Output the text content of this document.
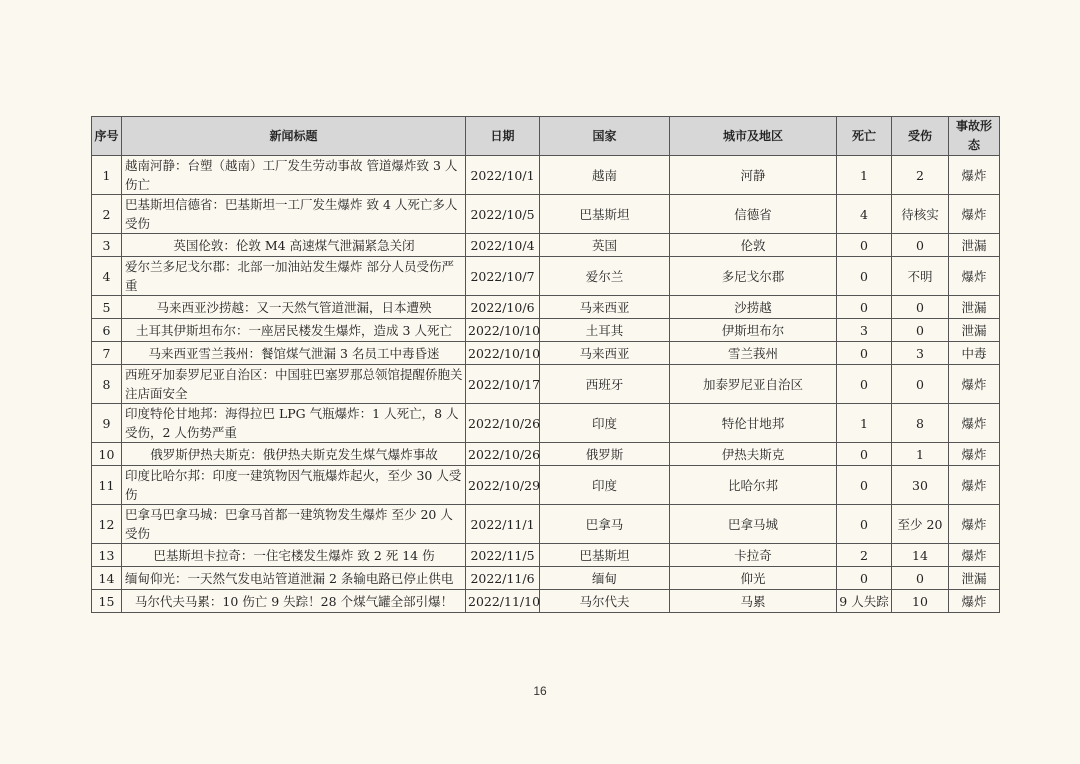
序号	新闻标题	日期	国家	城市及地区	死亡	受伤	事故形态
1	越南河静：台塑（越南）工厂发生劳动事故 管道爆炸致 3 人伤亡	2022/10/1	越南	河静	1	2	爆炸
2	巴基斯坦信德省：巴基斯坦一工厂发生爆炸 致 4 人死亡多人受伤	2022/10/5	巴基斯坦	信德省	4	待核实	爆炸
3	英国伦敦：伦敦 M4 高速煤气泄漏紧急关闭	2022/10/4	英国	伦敦	0	0	泄漏
4	爱尔兰多尼戈尔郡：北部一加油站发生爆炸 部分人员受伤严重	2022/10/7	爱尔兰	多尼戈尔郡	0	不明	爆炸
5	马来西亚沙捞越：又一天然气管道泄漏，日本遭殃	2022/10/6	马来西亚	沙捞越	0	0	泄漏
6	土耳其伊斯坦布尔：一座居民楼发生爆炸，造成 3 人死亡	2022/10/10	土耳其	伊斯坦布尔	3	0	泄漏
7	马来西亚雪兰莪州：餐馆煤气泄漏 3 名员工中毒昏迷	2022/10/10	马来西亚	雪兰莪州	0	3	中毒
8	西班牙加泰罗尼亚自治区：中国驻巴塞罗那总领馆提醒侨胞关注店面安全	2022/10/17	西班牙	加泰罗尼亚自治区	0	0	爆炸
9	印度特伦甘地邦：海得拉巴 LPG 气瓶爆炸：1 人死亡，8 人受伤，2 人伤势严重	2022/10/26	印度	特伦甘地邦	1	8	爆炸
10	俄罗斯伊热夫斯克：俄伊热夫斯克发生煤气爆炸事故	2022/10/26	俄罗斯	伊热夫斯克	0	1	爆炸
11	印度比哈尔邦：印度一建筑物因气瓶爆炸起火，至少 30 人受伤	2022/10/29	印度	比哈尔邦	0	30	爆炸
12	巴拿马巴拿马城：巴拿马首都一建筑物发生爆炸 至少 20 人受伤	2022/11/1	巴拿马	巴拿马城	0	至少 20	爆炸
13	巴基斯坦卡拉奇：一住宅楼发生爆炸 致 2 死 14 伤	2022/11/5	巴基斯坦	卡拉奇	2	14	爆炸
14	缅甸仰光：一天然气发电站管道泄漏 2 条输电路已停止供电	2022/11/6	缅甸	仰光	0	0	泄漏
15	马尔代夫马累：10 伤亡 9 失踪！28 个煤气罐全部引爆！	2022/11/10	马尔代夫	马累	9 人失踪	10	爆炸
16
